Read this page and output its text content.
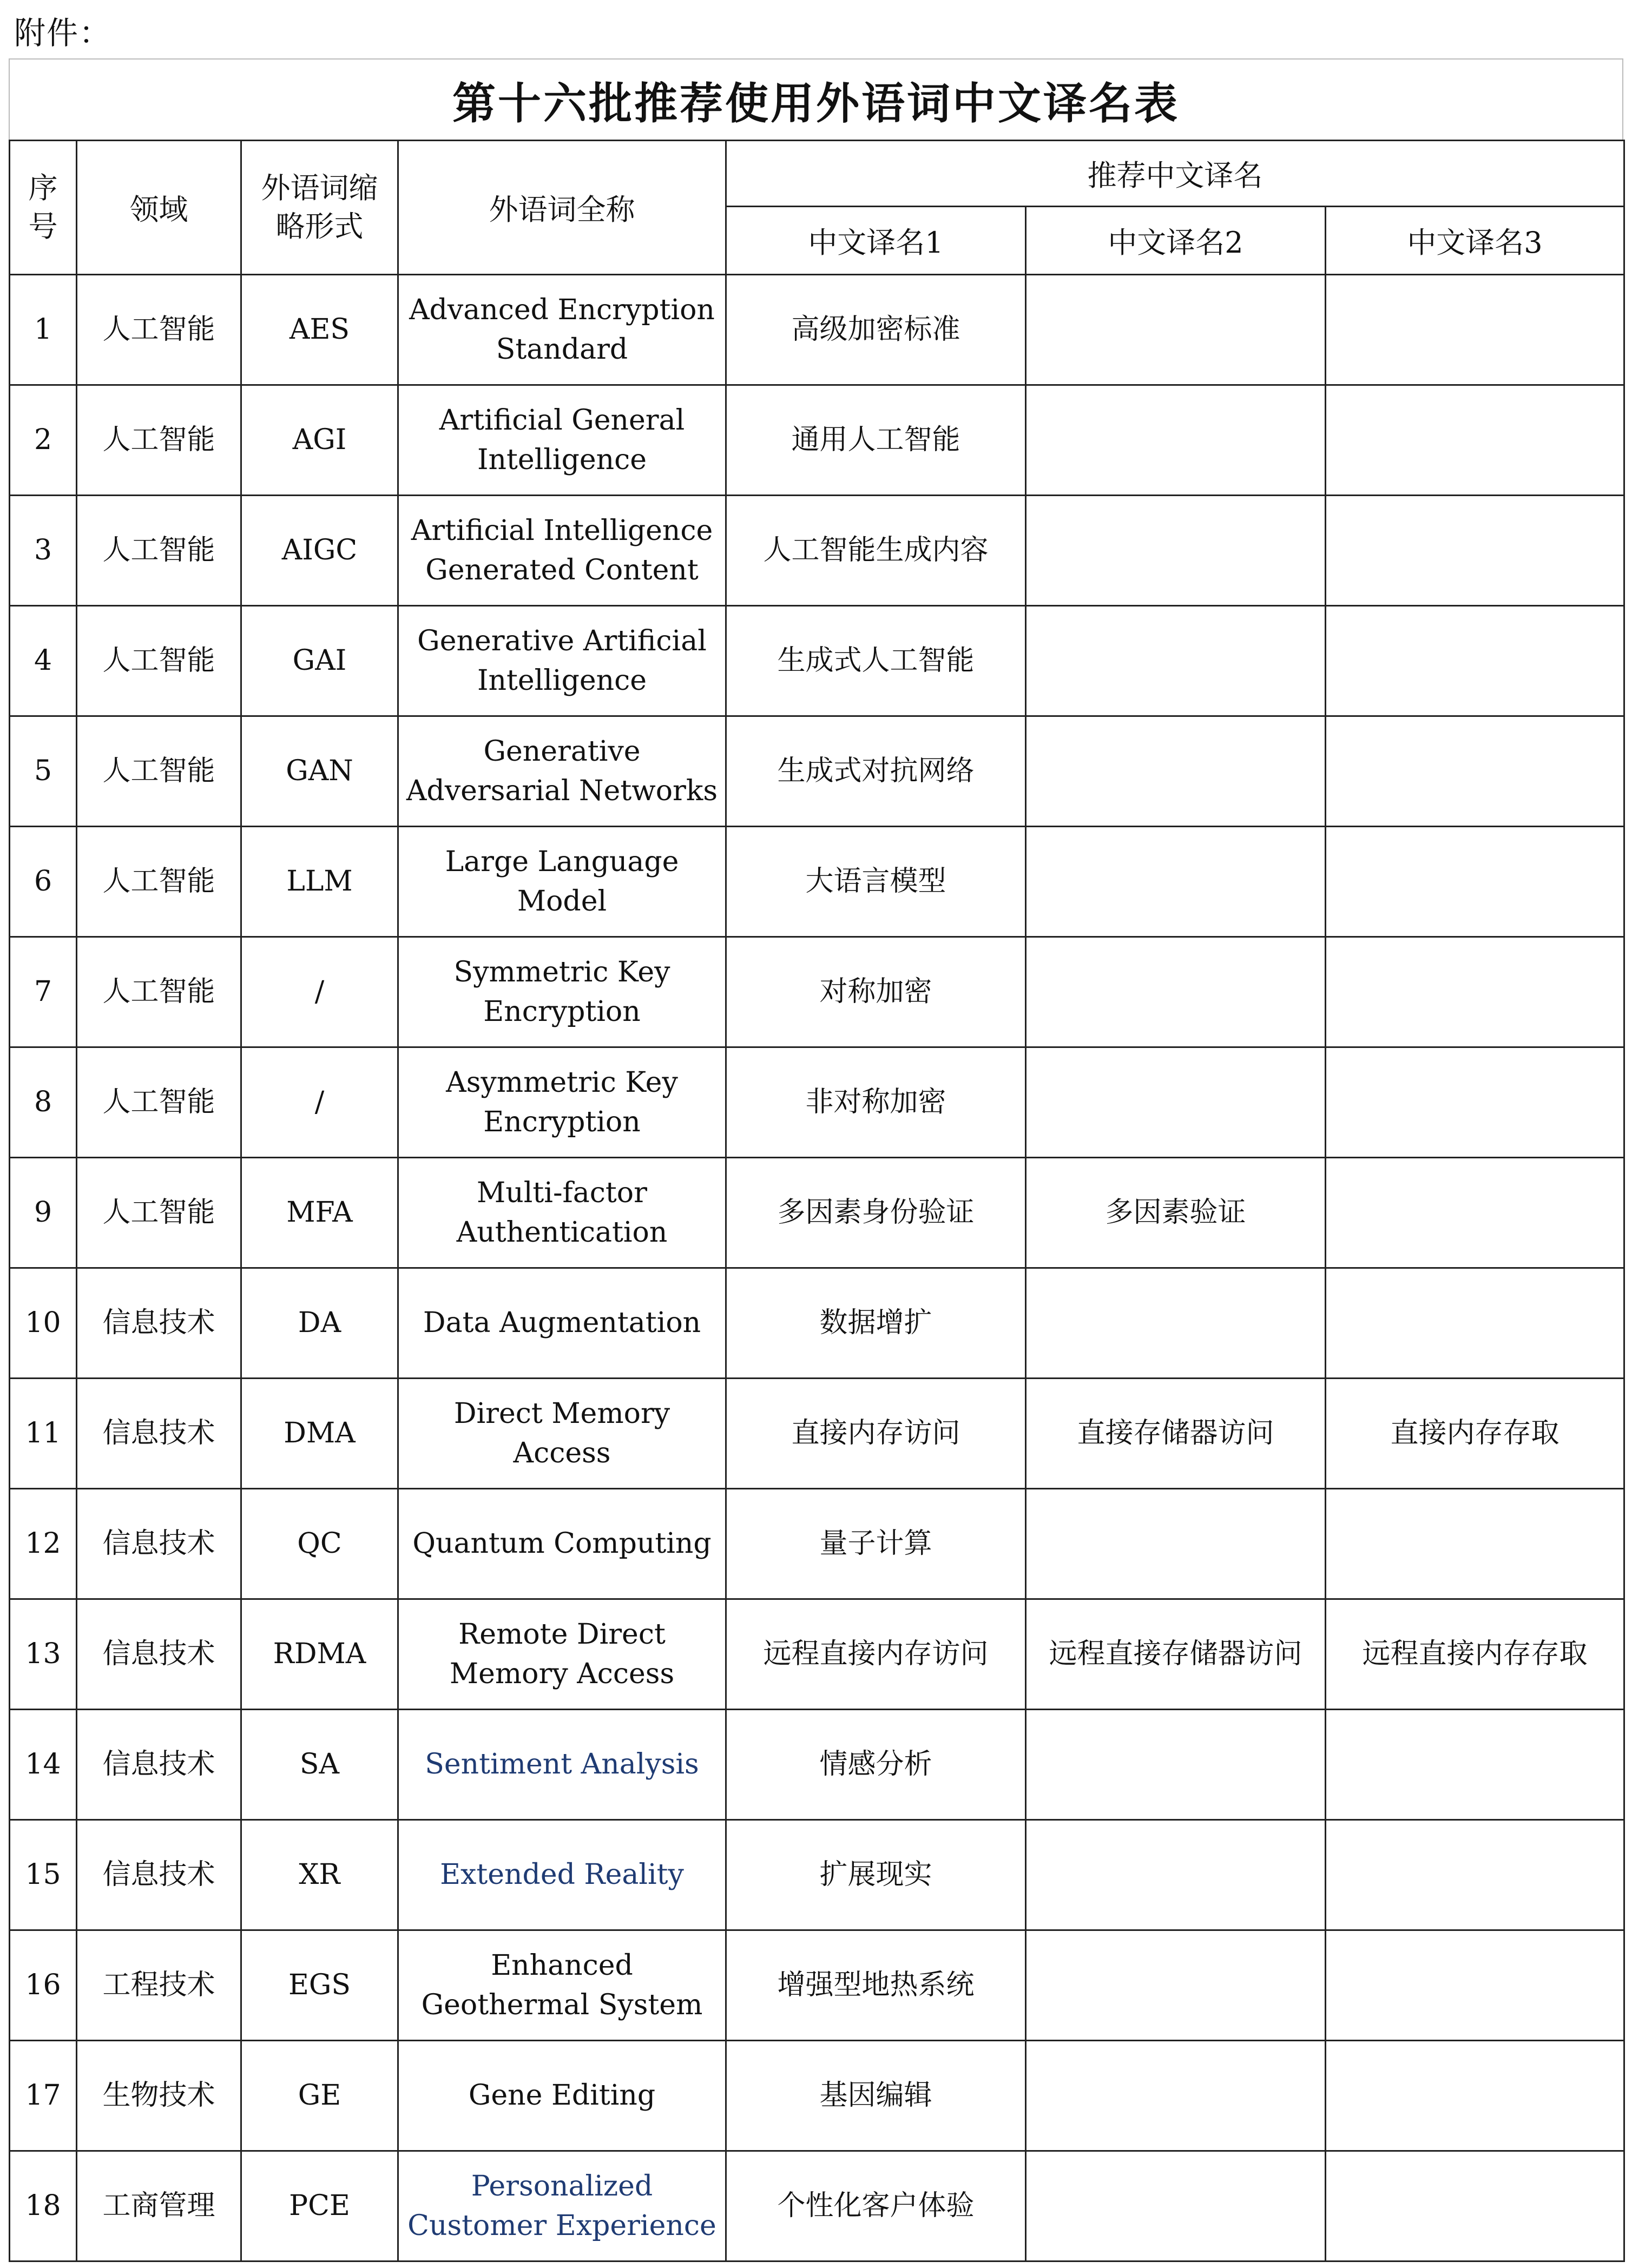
附件：
第十六批推荐使用外语词中文译名表
序号	领域	外语词缩略形式	外语词全称	推荐中文译名		
				中文译名1	中文译名2	中文译名3
1	人工智能	AES	Advanced Encryption Standard	高级加密标准		
2	人工智能	AGI	Artificial General Intelligence	通用人工智能		
3	人工智能	AIGC	Artificial Intelligence Generated Content	人工智能生成内容		
4	人工智能	GAI	Generative Artificial Intelligence	生成式人工智能		
5	人工智能	GAN	Generative Adversarial Networks	生成式对抗网络		
6	人工智能	LLM	Large Language Model	大语言模型		
7	人工智能	/	Symmetric Key Encryption	对称加密		
8	人工智能	/	Asymmetric Key Encryption	非对称加密		
9	人工智能	MFA	Multi-factor Authentication	多因素身份验证	多因素验证	
10	信息技术	DA	Data Augmentation	数据增扩		
11	信息技术	DMA	Direct Memory Access	直接内存访问	直接存储器访问	直接内存存取
12	信息技术	QC	Quantum Computing	量子计算		
13	信息技术	RDMA	Remote Direct Memory Access	远程直接内存访问	远程直接存储器访问	远程直接内存存取
14	信息技术	SA	Sentiment Analysis	情感分析		
15	信息技术	XR	Extended Reality	扩展现实		
16	工程技术	EGS	Enhanced Geothermal System	增强型地热系统		
17	生物技术	GE	Gene Editing	基因编辑		
18	工商管理	PCE	Personalized Customer Experience	个性化客户体验		
